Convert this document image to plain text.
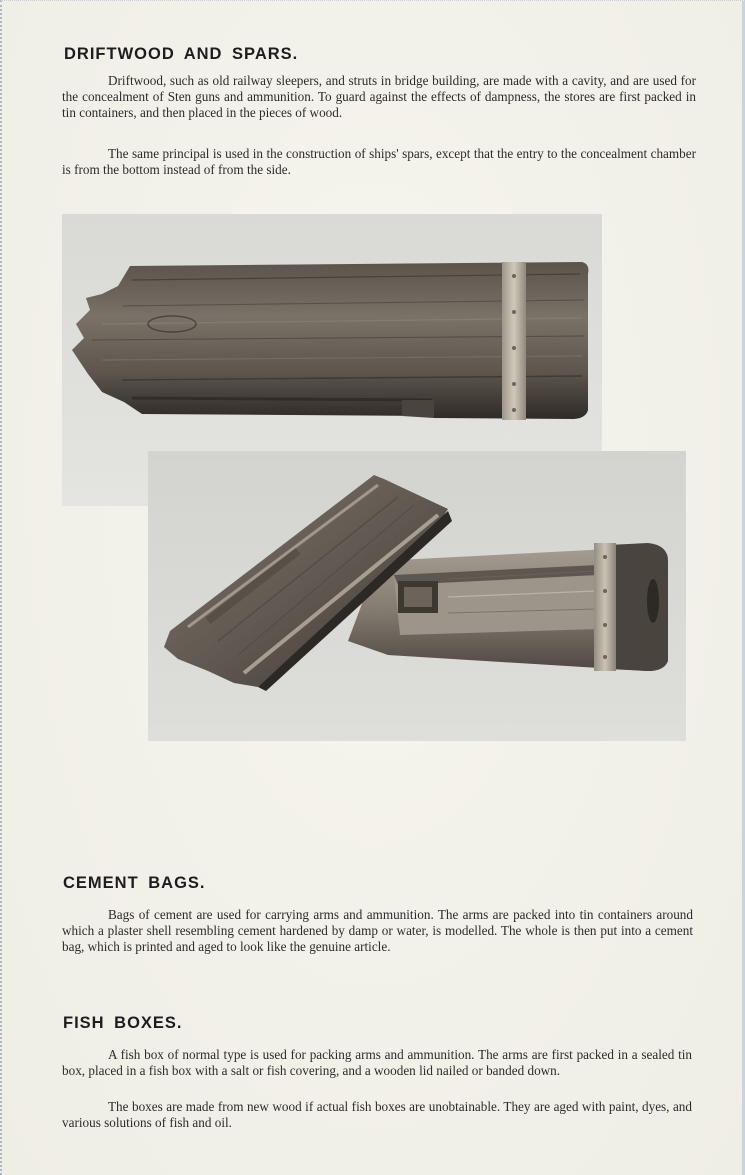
DRIFTWOOD AND SPARS.

Driftwood, such as old railway sleepers, and struts in bridge building, are made with a cavity, and are used for the concealment of Sten guns and ammunition. To guard against the effects of dampness, the stores are first packed in tin containers, and then placed in the pieces of wood.

The same principal is used in the construction of ships' spars, except that the entry to the concealment chamber is from the bottom instead of from the side.

CEMENT BAGS.

Bags of cement are used for carrying arms and ammunition. The arms are packed into tin containers around which a plaster shell resembling cement hardened by damp or water, is modelled. The whole is then put into a cement bag, which is printed and aged to look like the genuine article.

FISH BOXES.

A fish box of normal type is used for packing arms and ammunition. The arms are first packed in a sealed tin box, placed in a fish box with a salt or fish covering, and a wooden lid nailed or banded down.

The boxes are made from new wood if actual fish boxes are unobtainable. They are aged with paint, dyes, and various solutions of fish and oil.
